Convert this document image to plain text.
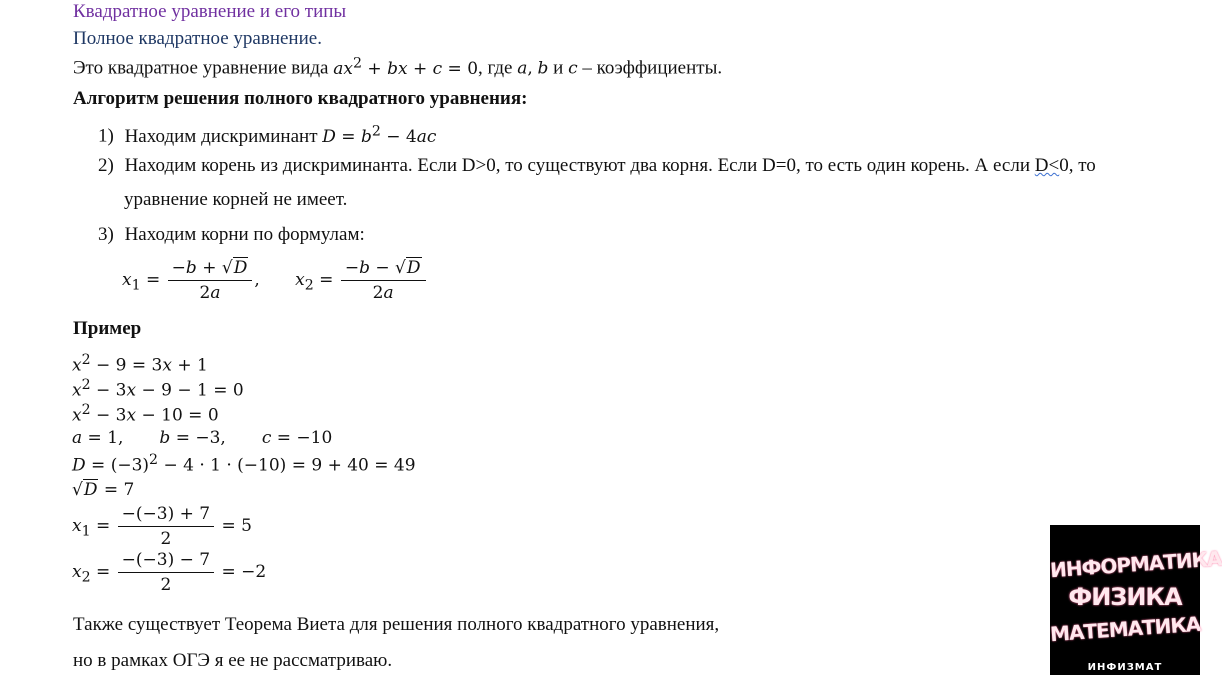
Квадратное уравнение и его типы
Полное квадратное уравнение.
Это квадратное уравнение вида $ax^2$ + bx + c = 0, где a, b и c – коэффициенты.
Алгоритм решения полного квадратного уравнения:
1) Находим дискриминант $D = b^2 - 4ac$
2) Находим корень из дискриминанта. Если D>0, то существуют два корня. Если D=0, то есть один корень. А если D<0, то
уравнение корней не имеет.
3) Находим корни по формулам:
$x_1 = \frac{-b + √D}{2a}$ , $x_2 = \frac{-b - √D}{2a}$
Пример
$x^2 - 9 = 3x + 1$
$x^2 - 3x - 9 - 1 = 0$
$x^2 - 3x - 10 = 0$
a = 1, b = −3, c = −10
$D = (-3)^2 - 4 \cdot 1 \cdot (-10) = 9 + 40 = 49$
√D = 7
$x_1 = \frac{-(-3) + 7}{2} = 5$
$x_2 = \frac{-(-3) - 7}{2} = -2$
Также существует Теорема Виета для решения полного квадратного уравнения,
но в рамках ОГЭ я ее не рассматриваю.
ИНФОРМАТИКА
ФИЗИКА
МАТЕМАТИКА
ИНФИЗМАТ
